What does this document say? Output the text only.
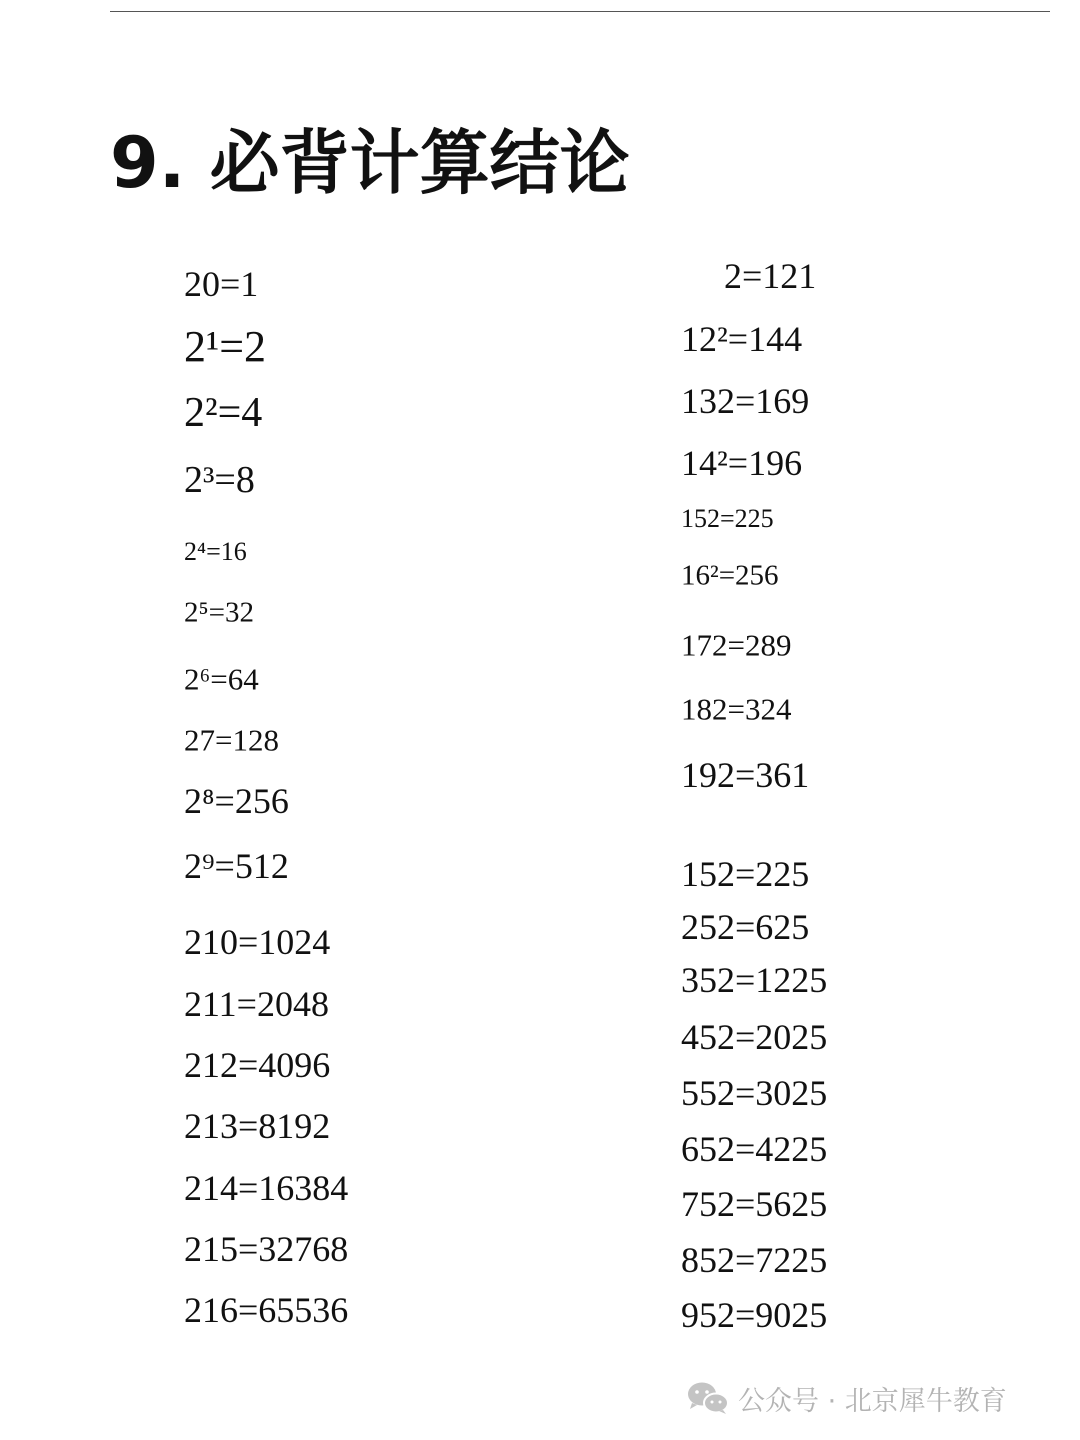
9. 必背计算结论
20=1
2¹=2
2²=4
2³=8
2⁴=16
2⁵=32
2⁶=64
27=128
2⁸=256
2⁹=512
210=1024
211=2048
212=4096
213=8192
214=16384
215=32768
216=65536
2=121
12²=144
132=169
14²=196
152=225
16²=256
172=289
182=324
192=361
152=225
252=625
352=1225
452=2025
552=3025
652=4225
752=5625
852=7225
952=9025
公众号 · 北京犀牛教育
